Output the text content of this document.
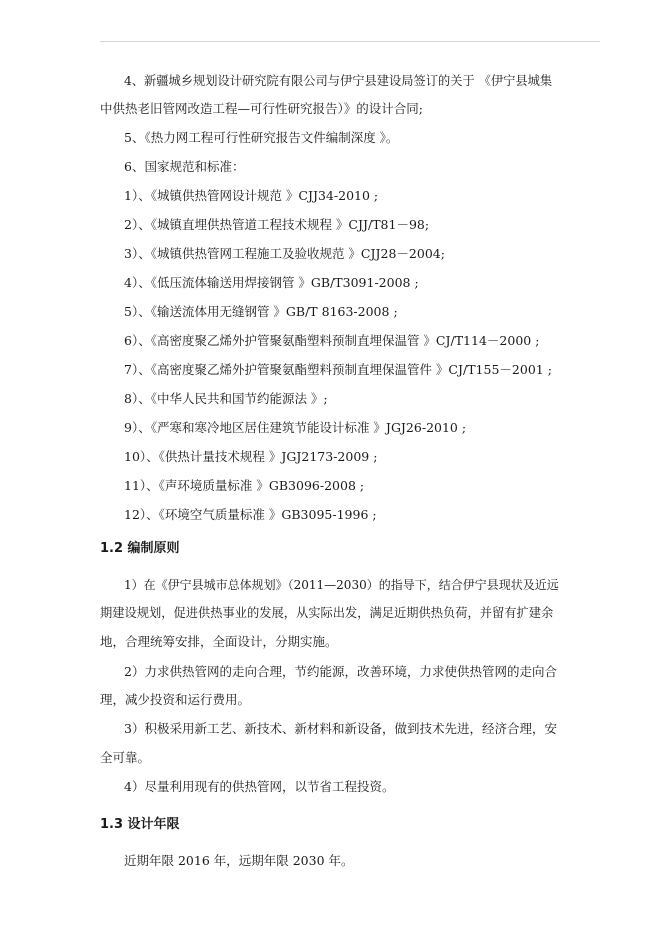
4、新疆城乡规划设计研究院有限公司与伊宁县建设局签订的关于 《伊宁县城集
中供热老旧管网改造工程—可行性研究报告）》的设计合同;
5、《热力网工程可行性研究报告文件编制深度 》。
6、国家规范和标准：
1）、《城镇供热管网设计规范 》CJJ34-2010 ;
2）、《城镇直埋供热管道工程技术规程 》CJJ/T81－98;
3）、《城镇供热管网工程施工及验收规范 》CJJ28－2004;
4）、《低压流体输送用焊接钢管 》GB/T3091-2008 ;
5）、《输送流体用无缝钢管 》GB/T 8163-2008 ;
6）、《高密度聚乙烯外护管聚氨酯塑料预制直埋保温管 》CJ/T114－2000 ;
7）、《高密度聚乙烯外护管聚氨酯塑料预制直埋保温管件 》CJ/T155－2001 ;
8）、《中华人民共和国节约能源法 》;
9）、《严寒和寒冷地区居住建筑节能设计标准 》JGJ26-2010 ;
10）、《供热计量技术规程 》JGJ2173-2009 ;
11）、《声环境质量标准 》GB3096-2008 ;
12）、《环境空气质量标准 》GB3095-1996 ;
1.2 编制原则
1）在《伊宁县城市总体规划》（2011—2030）的指导下，结合伊宁县现状及近远
期建设规划，促进供热事业的发展，从实际出发，满足近期供热负荷，并留有扩建余
地，合理统筹安排，全面设计，分期实施。
2）力求供热管网的走向合理，节约能源，改善环境，力求使供热管网的走向合
理，减少投资和运行费用。
3）积极采用新工艺、新技术、新材料和新设备，做到技术先进，经济合理，安
全可靠。
4）尽量利用现有的供热管网，以节省工程投资。
1.3 设计年限
近期年限 2016 年，远期年限 2030 年。
